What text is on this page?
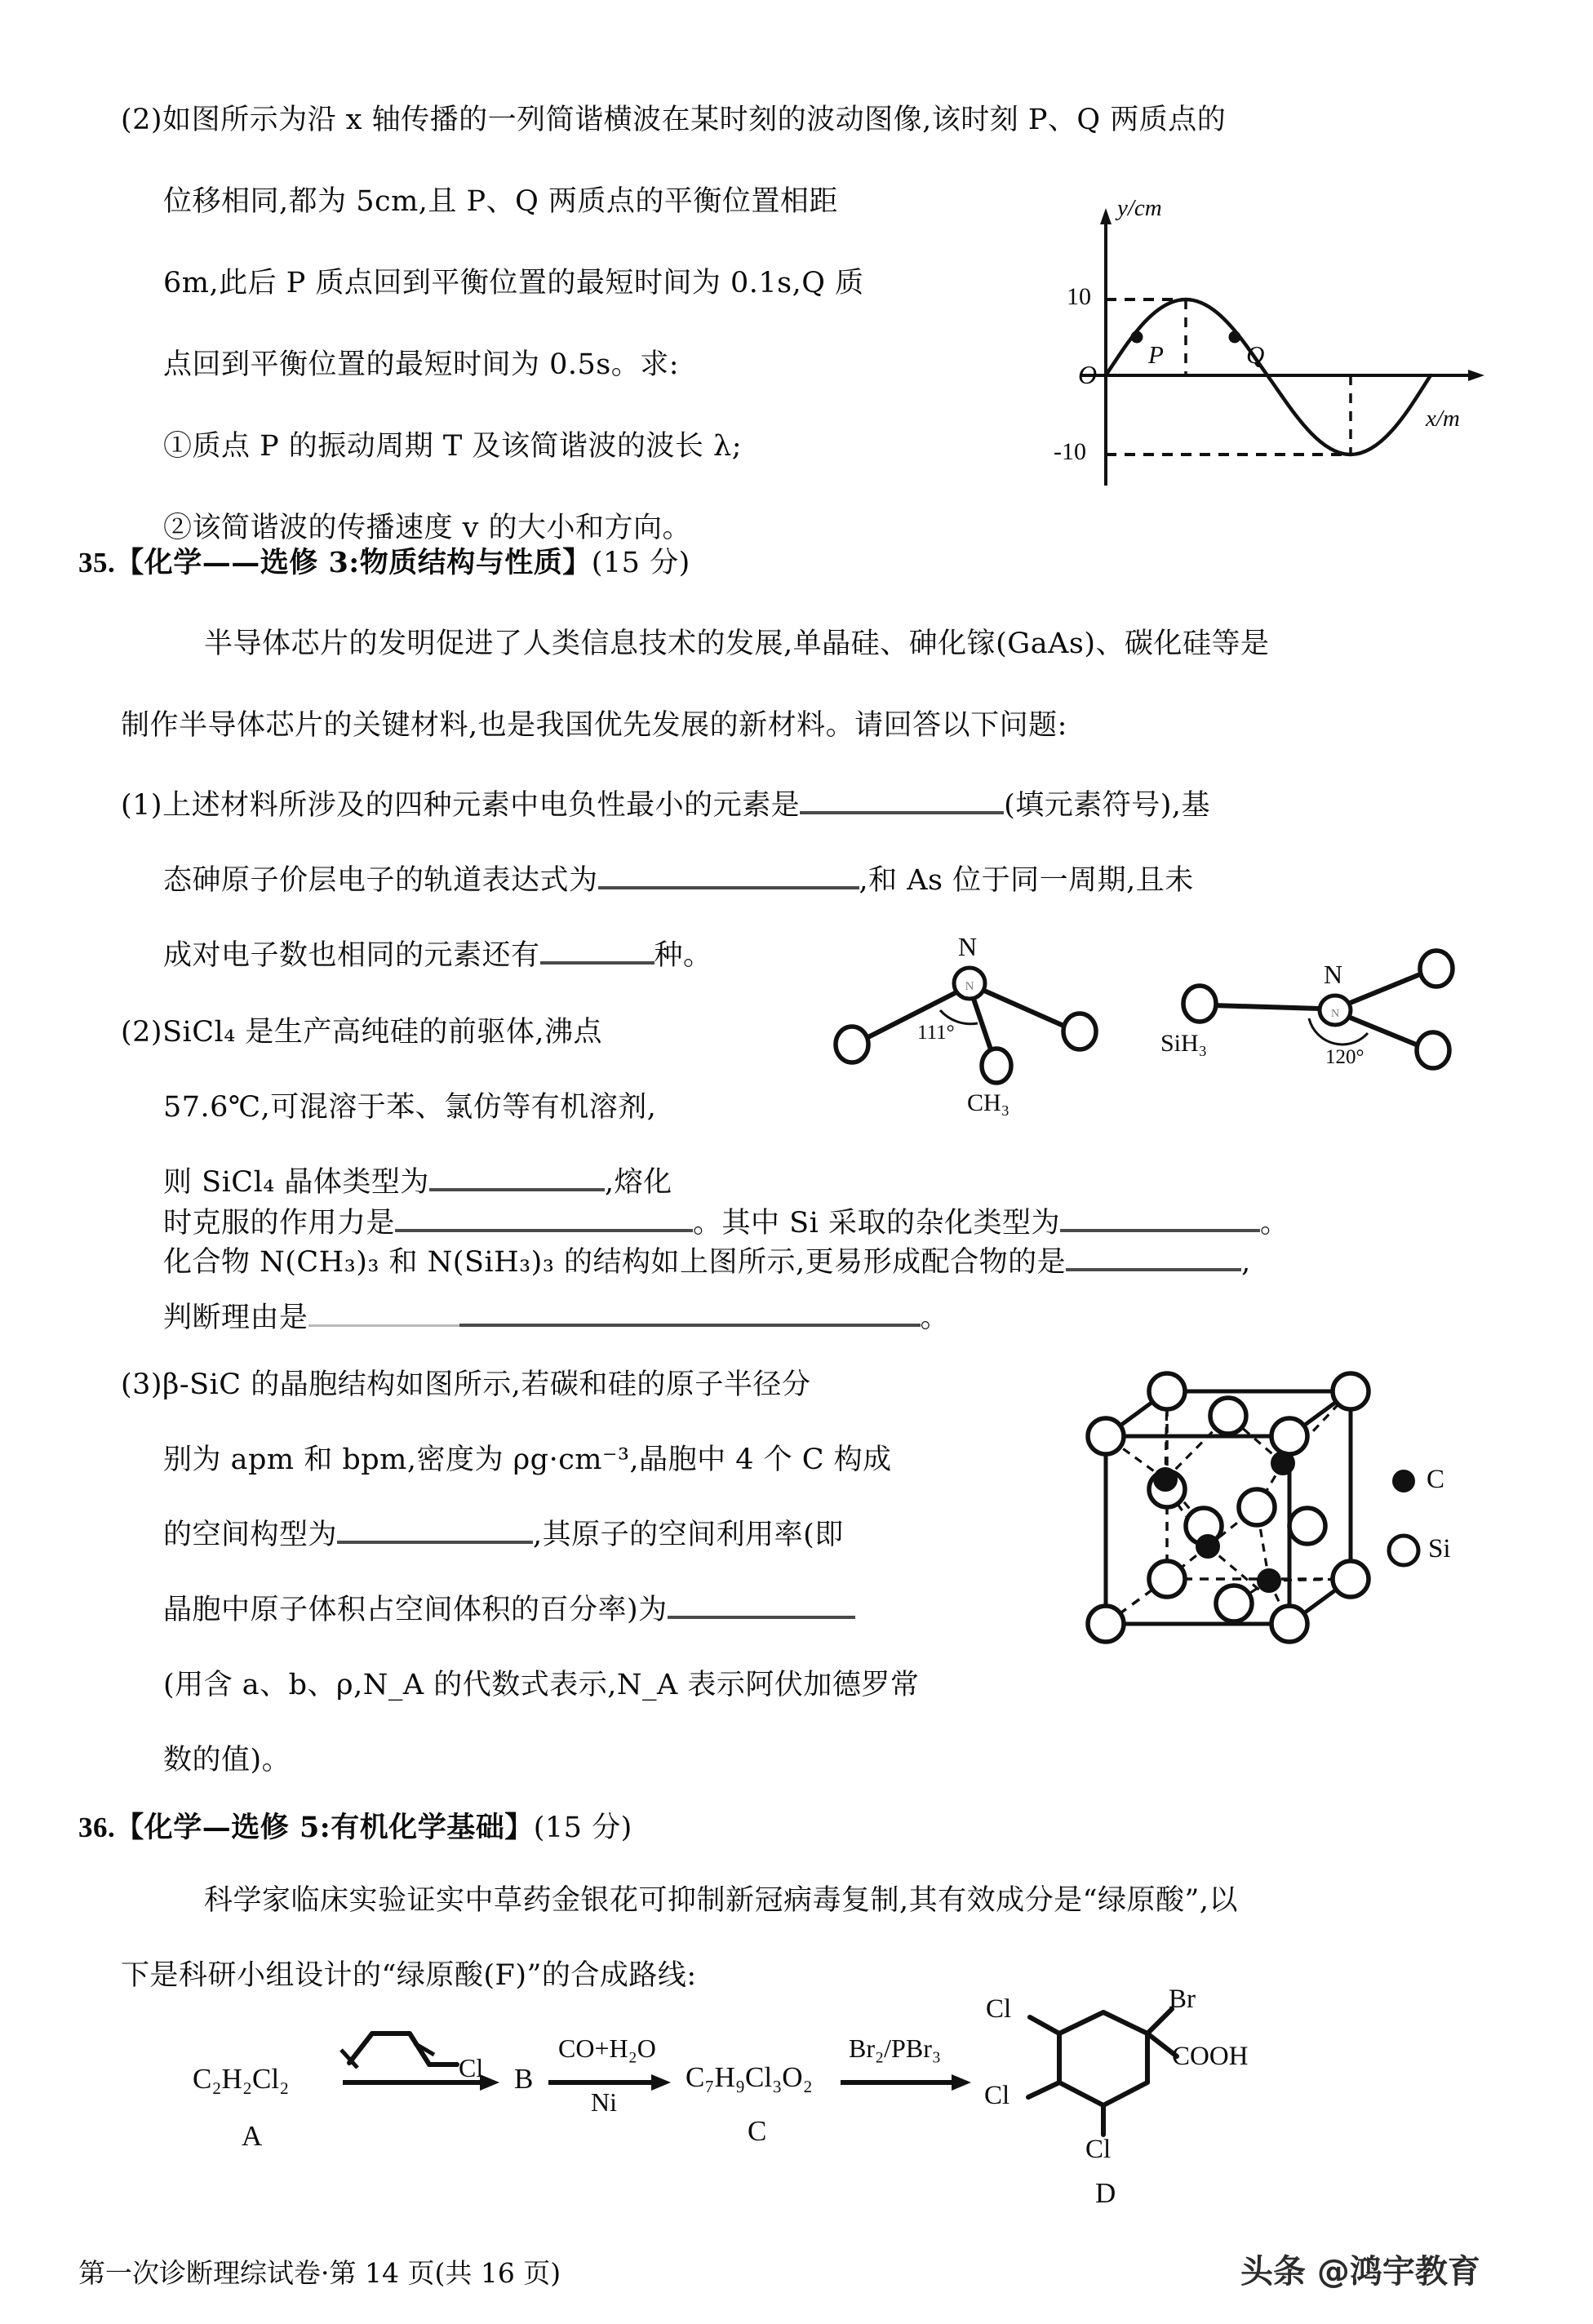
(2) 如图所示为沿 x 轴传播的一列简谐横波在某时刻的波动图像,该时刻 P、Q 两质点的
位移相同,都为 5cm,且 P、Q 两质点的平衡位置相距
6m,此后 P 质点回到平衡位置的最短时间为 0.1s,Q 质
点回到平衡位置的最短时间为 0.5s。求:
①质点 P 的振动周期 T 及该简谐波的波长 λ;
②该简谐波的传播速度 v 的大小和方向。
y/cm
x/m
O
10
-10
P	Q
35. 【 化学——选修 3:物质结构与性质 】 (15 分)
半导体芯片的发明促进了人类信息技术的发展,单晶硅、砷化镓(GaAs)、碳化硅等是
制作半导体芯片的关键材料,也是我国优先发展的新材料。请回答以下问题:
(1) 上述材料所涉及的四种元素中电负性最小的元素是	(填元素符号),基
态砷原子价层电子的轨道表达式为	,和 As 位于同一周期,且未
成对电子数也相同的元素还有	种。
(2) SiCl₄ 是生产高纯硅的前驱体,沸点
57.6℃,可混溶于苯、氯仿等有机溶剂,
则 SiCl₄ 晶体类型为	,熔化
时克服的作用力是	。其中 Si 采取的杂化类型为	。
化合物 N(CH₃)₃ 和 N(SiH₃)₃ 的结构如上图所示,更易形成配合物的是	,
判断理由是	。
N
N
111°
CH₃
N
N
120°
SiH₃
(3) β‑SiC 的晶胞结构如图所示,若碳和硅的原子半径分
别为 apm 和 bpm,密度为 ρg·cm⁻³,晶胞中 4 个 C 构成
的空间构型为	,其原子的空间利用率(即
晶胞中原子体积占空间体积的百分率)为
(用含 a、b、ρ,N_A 的代数式表示,N_A 表示阿伏加德罗常
数的值)。
C
Si
36. 【 化学—选修 5:有机化学基础 】 (15 分)
科学家临床实验证实中草药金银花可抑制新冠病毒复制,其有效成分是“绿原酸”,以
下是科研小组设计的“绿原酸(F)”的合成路线:
C₂H₂Cl₂
A
Cl B
CO+H₂O
Ni
C₇H₉Cl₃O₂
C
Br₂/PBr₃
Cl
Cl
Cl
Br
COOH
D
第一次诊断理综试卷·第 14 页(共 16 页)	头条 @鸿宇教育
